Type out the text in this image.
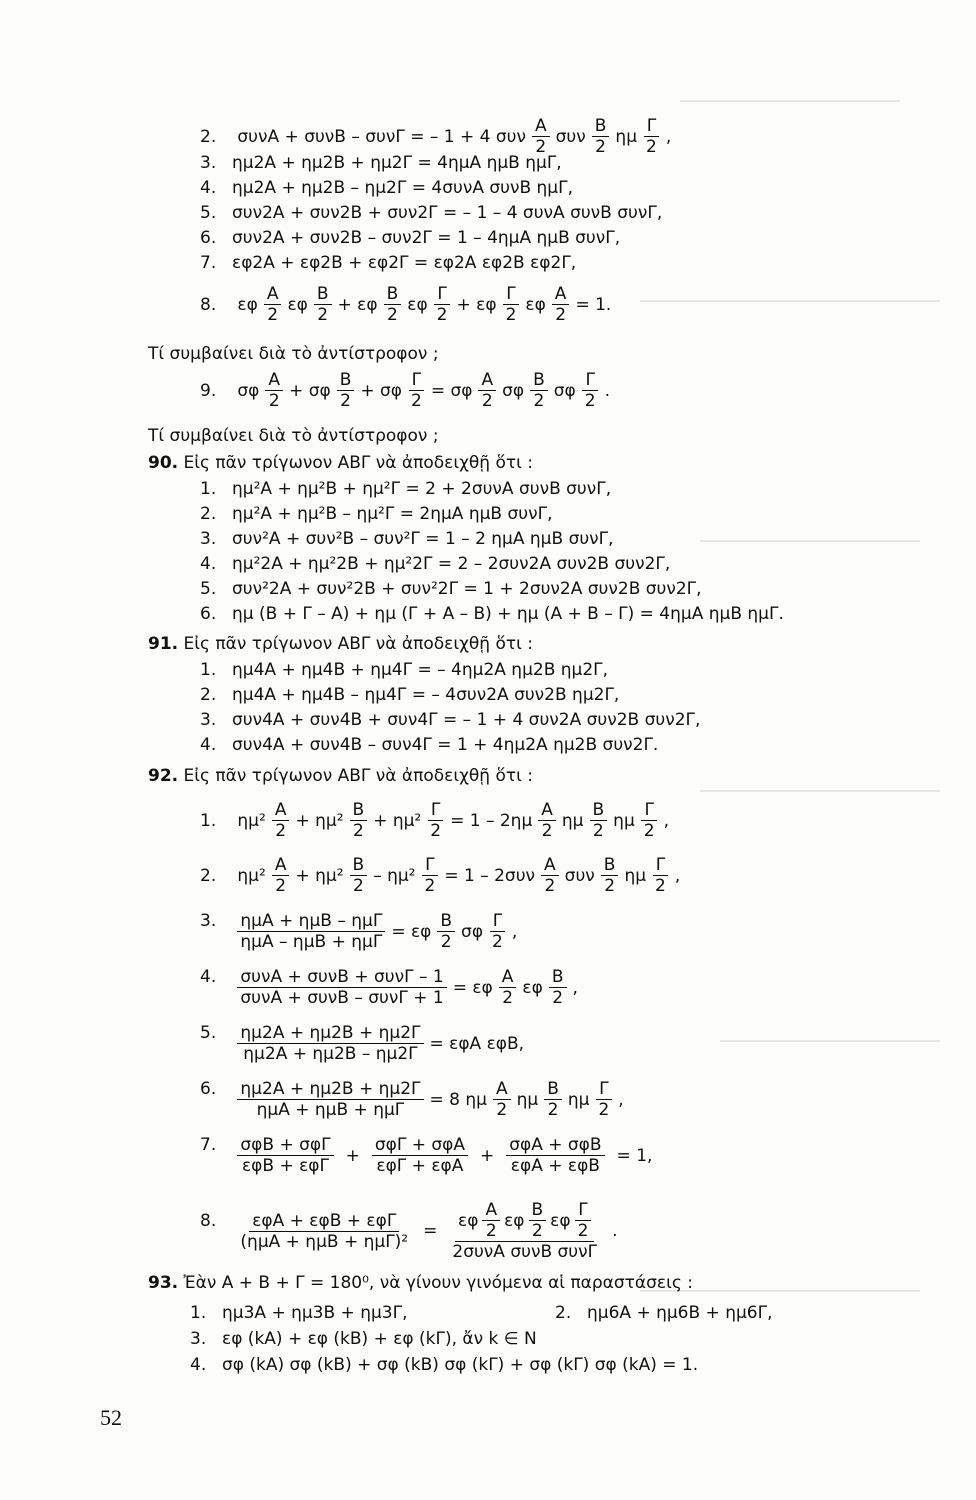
2. συνΑ + συνΒ – συνΓ = – 1 + 4 συν $\frac{A}{2}$ συν $\frac{B}{2}$ ημ $\frac{\Gamma}{2}$ ,
3. ημ2Α + ημ2Β + ημ2Γ = 4ημΑ ημΒ ημΓ,
4. ημ2Α + ημ2Β – ημ2Γ = 4συνΑ συνΒ ημΓ,
5. συν2Α + συν2Β + συν2Γ = – 1 – 4 συνΑ συνΒ συνΓ,
6. συν2Α + συν2Β – συν2Γ = 1 – 4ημΑ ημΒ συνΓ,
7. εφ2Α + εφ2Β + εφ2Γ = εφ2Α εφ2Β εφ2Γ,
8. εφ $\frac{A}{2}$ εφ $\frac{B}{2} + \varepsilon\varphi \frac{B}{2}$ εφ $\frac{\Gamma}{2} + \varepsilon\varphi \frac{\Gamma}{2}$ εφ $\frac{A}{2} = 1$.
Τί συμβαίνει διὰ τὸ ἀντίστροφον ;
9. σφ $\frac{A}{2} + \sigma\varphi \frac{B}{2} + \sigma\varphi \frac{\Gamma}{2} = \sigma\varphi \frac{A}{2}$ σφ $\frac{B}{2}$ σφ $\frac{\Gamma}{2}$ .
Τί συμβαίνει διὰ τὸ ἀντίστροφον ;
90. Εἰς πᾶν τρίγωνον ΑΒΓ νὰ ἀποδειχθῇ ὅτι :
1. ημ²Α + ημ²Β + ημ²Γ = 2 + 2συνΑ συνΒ συνΓ,
2. ημ²Α + ημ²Β – ημ²Γ = 2ημΑ ημΒ συνΓ,
3. συν²Α + συν²Β – συν²Γ = 1 – 2 ημΑ ημΒ συνΓ,
4. ημ²2Α + ημ²2Β + ημ²2Γ = 2 – 2συν2Α συν2Β συν2Γ,
5. συν²2Α + συν²2Β + συν²2Γ = 1 + 2συν2Α συν2Β συν2Γ,
6. ημ (Β + Γ – Α) + ημ (Γ + Α – Β) + ημ (Α + Β – Γ) = 4ημΑ ημΒ ημΓ.
91. Εἰς πᾶν τρίγωνον ΑΒΓ νὰ ἀποδειχθῇ ὅτι :
1. ημ4Α + ημ4Β + ημ4Γ = – 4ημ2Α ημ2Β ημ2Γ,
2. ημ4Α + ημ4Β – ημ4Γ = – 4συν2Α συν2Β ημ2Γ,
3. συν4Α + συν4Β + συν4Γ = – 1 + 4 συν2Α συν2Β συν2Γ,
4. συν4Α + συν4Β – συν4Γ = 1 + 4ημ2Α ημ2Β συν2Γ.
92. Εἰς πᾶν τρίγωνον ΑΒΓ νὰ ἀποδειχθῇ ὅτι :
1. $\eta\mu^2 \frac{A}{2} + \eta\mu^2 \frac{B}{2} + \eta\mu^2 \frac{\Gamma}{2} = 1 - 2\eta\mu \frac{A}{2}$ ημ $\frac{B}{2}$ ημ $\frac{\Gamma}{2}$ ,
2. $\eta\mu^2 \frac{A}{2} + \eta\mu^2 \frac{B}{2} - \eta\mu^2 \frac{\Gamma}{2} = 1 - 2\sigma\upsilon\nu \frac{A}{2}$ συν $\frac{B}{2}$ ημ $\frac{\Gamma}{2}$ ,
3. $\frac{\text{ημΑ + ημΒ – ημΓ}}{\text{ημΑ – ημΒ + ημΓ}} = \varepsilon\varphi \frac{B}{2}$ σφ $\frac{\Gamma}{2}$ ,
4. $\frac{\text{συνΑ + συνΒ + συνΓ – 1}}{\text{συνΑ + συνΒ – συνΓ + 1}} = \varepsilon\varphi \frac{A}{2}$ εφ $\frac{B}{2}$ ,
5. $\frac{\eta\mu 2A + \eta\mu 2B + \eta\mu 2\Gamma}{\eta\mu 2A + \eta\mu 2B - \eta\mu 2\Gamma} = \varepsilon\varphi A$ εφΒ,
6. $\frac{\eta\mu 2A + \eta\mu 2B + \eta\mu 2\Gamma}{\text{ημΑ + ημΒ + ημΓ}} = 8$ ημ $\frac{A}{2}$ ημ $\frac{B}{2}$ ημ $\frac{\Gamma}{2}$ ,
7. $\frac{\text{σφΒ + σφΓ}}{\text{εφΒ + εφΓ}} + \frac{\text{σφΓ + σφΑ}}{\text{εφΓ + εφΑ}} + \frac{\text{σφΑ + σφΒ}}{\text{εφΑ + εφΒ}} = 1$,
8. $\frac{\text{εφΑ + εφΒ + εφΓ}}{\text{(ημΑ + ημΒ + ημΓ)²}} = \frac{\varepsilon\varphi \frac{A}{2} \varepsilon\varphi \frac{B}{2} \varepsilon\varphi \frac{\Gamma}{2}}{\text{2συνΑ συνΒ συνΓ}}$ .
93. Ἐὰν Α + Β + Γ = 180⁰, νὰ γίνουν γινόμενα αἱ παραστάσεις :
1. ημ3Α + ημ3Β + ημ3Γ,	2. ημ6Α + ημ6Β + ημ6Γ,
3. εφ (kΑ) + εφ (kΒ) + εφ (kΓ), ἄν k ∈ Ν
4. σφ (kΑ) σφ (kΒ) + σφ (kΒ) σφ (kΓ) + σφ (kΓ) σφ (kΑ) = 1.
52
